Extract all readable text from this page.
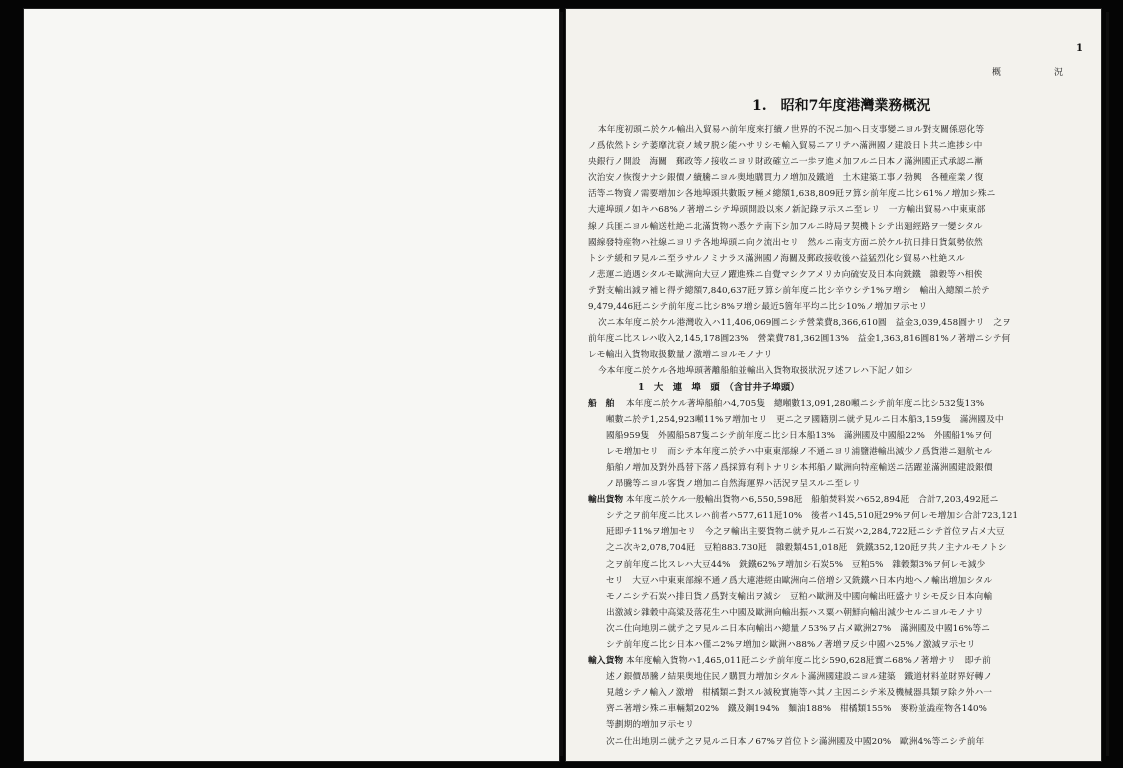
1
概　況
1.　昭和7年度港灣業務概況
本年度初頭ニ於ケル輸出入貿易ハ前年度來打續ノ世界的不況ニ加ヘ日支事變ニヨル對支關係惡化等
ノ爲依然トシテ萎靡沈衰ノ域ヲ脱シ能ハサリシモ輸入貿易ニアリテハ滿洲國ノ建設日ト共ニ進捗シ中
央銀行ノ開設　海關　郵政等ノ接收ニヨリ財政確立ニ一歩ヲ進メ加フルニ日本ノ滿洲國正式承認ニ漸
次治安ノ恢復ナナシ銀價ノ續騰ニヨル奥地購買力ノ増加及鐵道　土木建築工事ノ勃興　各種産業ノ復
活等ニ物資ノ需要増加シ各地埠頭共數販ヲ極メ總額1,638,809瓩ヲ算シ前年度ニ比シ61%ノ増加シ殊ニ
大連埠頭ノ如キハ68%ノ著増ニシテ埠頭開設以來ノ新記錄ヲ示スニ至レリ　一方輸出貿易ハ中東東部
線ノ兵匪ニヨル輸送杜絶ニ北滿貨物ハ悉ケテ南下シ加フルニ時局ヲ契機トシテ出廻經路ヲ一變シタル
國線發特産物ハ社線ニヨリテ各地埠頭ニ向ク流出セリ　然ルニ南支方面ニ於ケル抗日排日貨氣勢依然
トシテ緩和ヲ見ルニ至ラサルノミナラス滿洲國ノ海關及郵政接收後ハ益猛烈化シ貿易ハ杜絶スル
ノ悲運ニ逍遇シタルモ歐洲向大豆ノ躍進殊ニ自覺マシクアメリカ向硫安及日本向銑鐵　雜穀等ハ相俟
テ對支輸出減ヲ補ヒ得テ總額7,840,637瓩ヲ算シ前年度ニ比シ辛ウシテ1%ヲ増シ　輸出入總額ニ於テ
9,479,446瓩ニシテ前年度ニ比シ8%ヲ増シ最近5箇年平均ニ比シ10%ノ増加ヲ示セリ
次ニ本年度ニ於ケル港灣收入ハ11,406,069圓ニシテ營業費8,366,610圓　益金3,039,458圓ナリ　之ヲ
前年度ニ比スレハ收入2,145,178圓23%　營業費781,362圓13%　益金1,363,816圓81%ノ著増ニシテ何
レモ輸出入貨物取扱數量ノ激増ニヨルモノナリ
今本年度ニ於ケル各地埠頭著離船舶並輸出入貨物取扱狀況ヲ述フレハ下記ノ如シ
1　大　連　埠　頭　（含甘井子埠頭）
船　舶 本年度ニ於ケル著埠船舶ハ4,705隻　總噸數13,091,280噸ニシテ前年度ニ比シ532隻13%
噸數ニ於テ1,254,923噸11%ヲ増加セリ　更ニ之ヲ國籍別ニ就テ見ルニ日本船3,159隻　滿洲國及中
國船959隻　外國船587隻ニシテ前年度ニ比シ日本船13%　滿洲國及中國船22%　外國船1%ヲ何
レモ増加セリ　而シテ本年度ニ於テハ中東東部線ノ不通ニヨリ浦鹽港輸出減少ノ爲貨港ニ廻航セル
船舶ノ増加及對外爲替下落ノ爲採算有利トナリシ本邦船ノ歐洲向特産輸送ニ活躍並滿洲國建設銀價
ノ昂騰等ニヨル客貨ノ増加ニ自然海運界ハ活況ヲ呈スルニ至レリ
輸出貨物 本年度ニ於ケル一般輸出貨物ハ6,550,598瓩　船舶焚料炭ハ652,894瓩　合計7,203,492瓩ニ
シテ之ヲ前年度ニ比スレハ前者ハ577,611瓩10%　後者ハ145,510瓩29%ヲ何レモ増加シ合計723,121
瓩即チ11%ヲ増加セリ　今之ヲ輸出主要貨物ニ就テ見ルニ石炭ハ2,284,722瓩ニシテ首位ヲ占メ大豆
之ニ次キ2,078,704瓩　豆粕883.730瓩　雜穀類451,018瓩　銑鐵352,120瓩ヲ共ノ主ナルモノトシ
之ヲ前年度ニ比スレハ大豆44%　銑鐵62%ヲ増加シ石炭5%　豆粕5%　雜穀類3%ヲ何レモ減少
セリ　大豆ハ中東東部線不通ノ爲大連港經由歐洲向ニ倍増シ又銑鐵ハ日本内地ヘノ輸出増加シタル
モノニシテ石炭ハ排日貨ノ爲對支輸出ヲ減シ　豆粕ハ歐洲及中國向輸出旺盛ナリシモ反シ日本向輸
出激減シ雜穀中高粱及落花生ハ中國及歐洲向輸出振ハス粟ハ朝鮮向輸出減少セルニヨルモノナリ
次ニ仕向地別ニ就テ之ヲ見ルニ日本向輸出ハ總量ノ53%ヲ占メ歐洲27%　滿洲國及中國16%等ニ
シテ前年度ニ比シ日本ハ僅ニ2%ヲ増加シ歐洲ハ88%ノ著増ヲ反シ中國ハ25%ノ激減ヲ示セリ
輸入貨物 本年度輸入貨物ハ1,465,011瓩ニシテ前年度ニ比シ590,628瓩實ニ68%ノ著増ナリ　即チ前
述ノ銀價昂騰ノ結果奥地住民ノ購買力増加シタルト滿洲國建設ニヨル建築　鐵道材料並財界好轉ノ
見越シテノ輸入ノ激増　柑橘類ニ對スル減稅實施等ハ其ノ主因ニシテ米及機械器具類ヲ除ク外ハ一
齊ニ著増シ殊ニ車輛類202%　鐵及鋼194%　麵油188%　柑橘類155%　麥粉並澁産物各140%
等劃期的増加ヲ示セリ
次ニ仕出地別ニ就テ之ヲ見ルニ日本ノ67%ヲ首位トシ滿洲國及中國20%　歐洲4%等ニシテ前年
